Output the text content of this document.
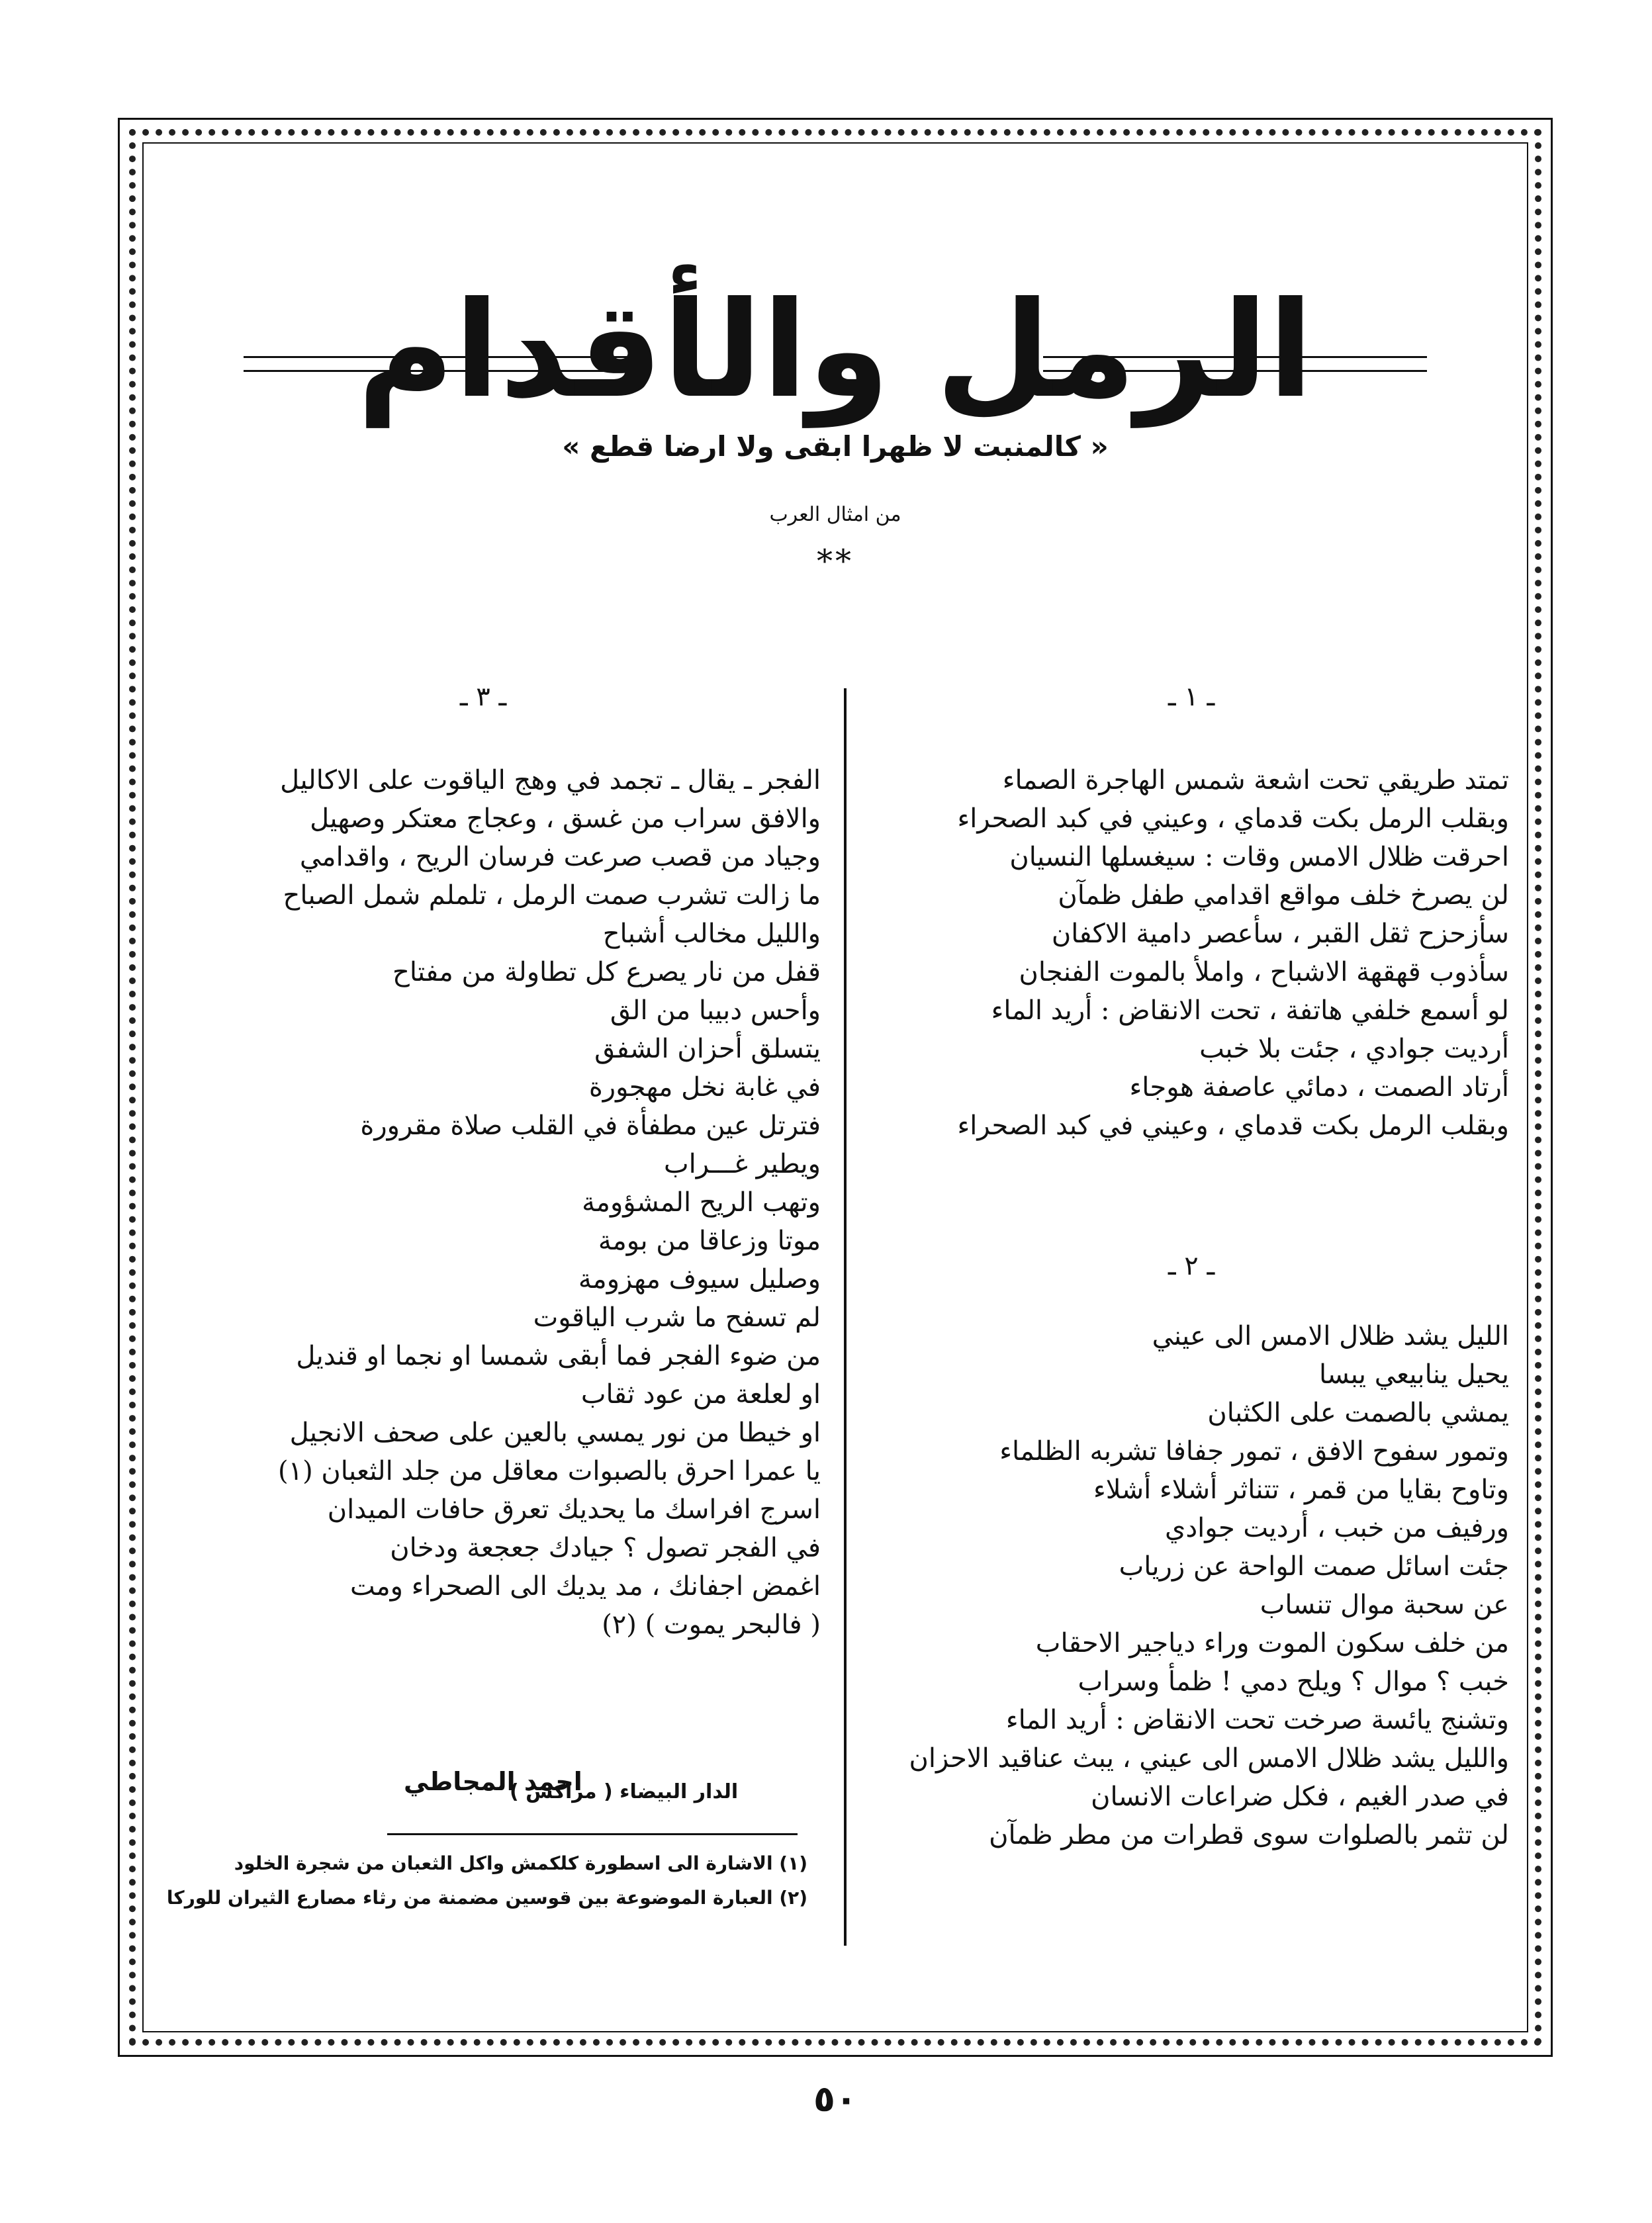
الرمل والأقدام
« كالمنبت لا ظهرا ابقى ولا ارضا قطع »
من امثال العرب
**
ـ ١ ـ
تمتد طريقي تحت اشعة شمس الهاجرة الصماء
وبقلب الرمل بكت قدماي ، وعيني في كبد الصحراء
احرقت ظلال الامس وقات : سيغسلها النسيان
لن يصرخ خلف مواقع اقدامي طفل ظمآن
سأزحزح ثقل القبر ، سأعصر دامية الاكفان
سأذوب قهقهة الاشباح ، واملأ بالموت الفنجان
لو أسمع خلفي هاتفة ، تحت الانقاض : أريد الماء
أرديت جوادي ، جئت بلا خبب
أرتاد الصمت ، دمائي عاصفة هوجاء
وبقلب الرمل بكت قدماي ، وعيني في كبد الصحراء
ـ ٢ ـ
الليل يشد ظلال الامس الى عيني
يحيل ينابيعي يبسا
يمشي بالصمت على الكثبان
وتمور سفوح الافق ، تمور جفافا تشربه الظلماء
وتاوح بقايا من قمر ، تتناثر أشلاء أشلاء
ورفيف من خبب ، أرديت جوادي
جئت اسائل صمت الواحة عن زرياب
عن سحبة موال تنساب
من خلف سكون الموت وراء دياجير الاحقاب
خبب ؟ موال ؟ ويلح دمي ! ظمأ وسراب
وتشنج يائسة صرخت تحت الانقاض : أريد الماء
والليل يشد ظلال الامس الى عيني ، يبث عناقيد الاحزان
في صدر الغيم ، فكل ضراعات الانسان
لن تثمر بالصلوات سوى قطرات من مطر ظمآن
ـ ٣ ـ
الفجر ـ يقال ـ تجمد في وهج الياقوت على الاكاليل
والافق سراب من غسق ، وعجاج معتكر وصهيل
وجياد من قصب صرعت فرسان الريح ، واقدامي
ما زالت تشرب صمت الرمل ، تلملم شمل الصباح
والليل مخالب أشباح
قفل من نار يصرع كل تطاولة من مفتاح
وأحس دبيبا من الق
يتسلق أحزان الشفق
في غابة نخل مهجورة
فترتل عين مطفأة في القلب صلاة مقرورة
ويطير غـــراب
وتهب الريح المشؤومة
موتا وزعاقا من بومة
وصليل سيوف مهزومة
لم تسفح ما شرب الياقوت
من ضوء الفجر فما أبقى شمسا او نجما او قنديل
او لعلعة من عود ثقاب
او خيطا من نور يمسي بالعين على صحف الانجيل
يا عمرا احرق بالصبوات معاقل من جلد الثعبان (١)
اسرج افراسك ما يحديك تعرق حافات الميدان
في الفجر تصول ؟ جيادك جعجعة ودخان
اغمض اجفانك ، مد يديك الى الصحراء ومت
( فالبحر يموت ) (٢)
احمد المجاطي
الدار البيضاء ( مراكش )
(١) الاشارة الى اسطورة كلكمش واكل الثعبان من شجرة الخلود
(٢) العبارة الموضوعة بين قوسين مضمنة من رثاء مصارع الثيران للوركا
٥٠
